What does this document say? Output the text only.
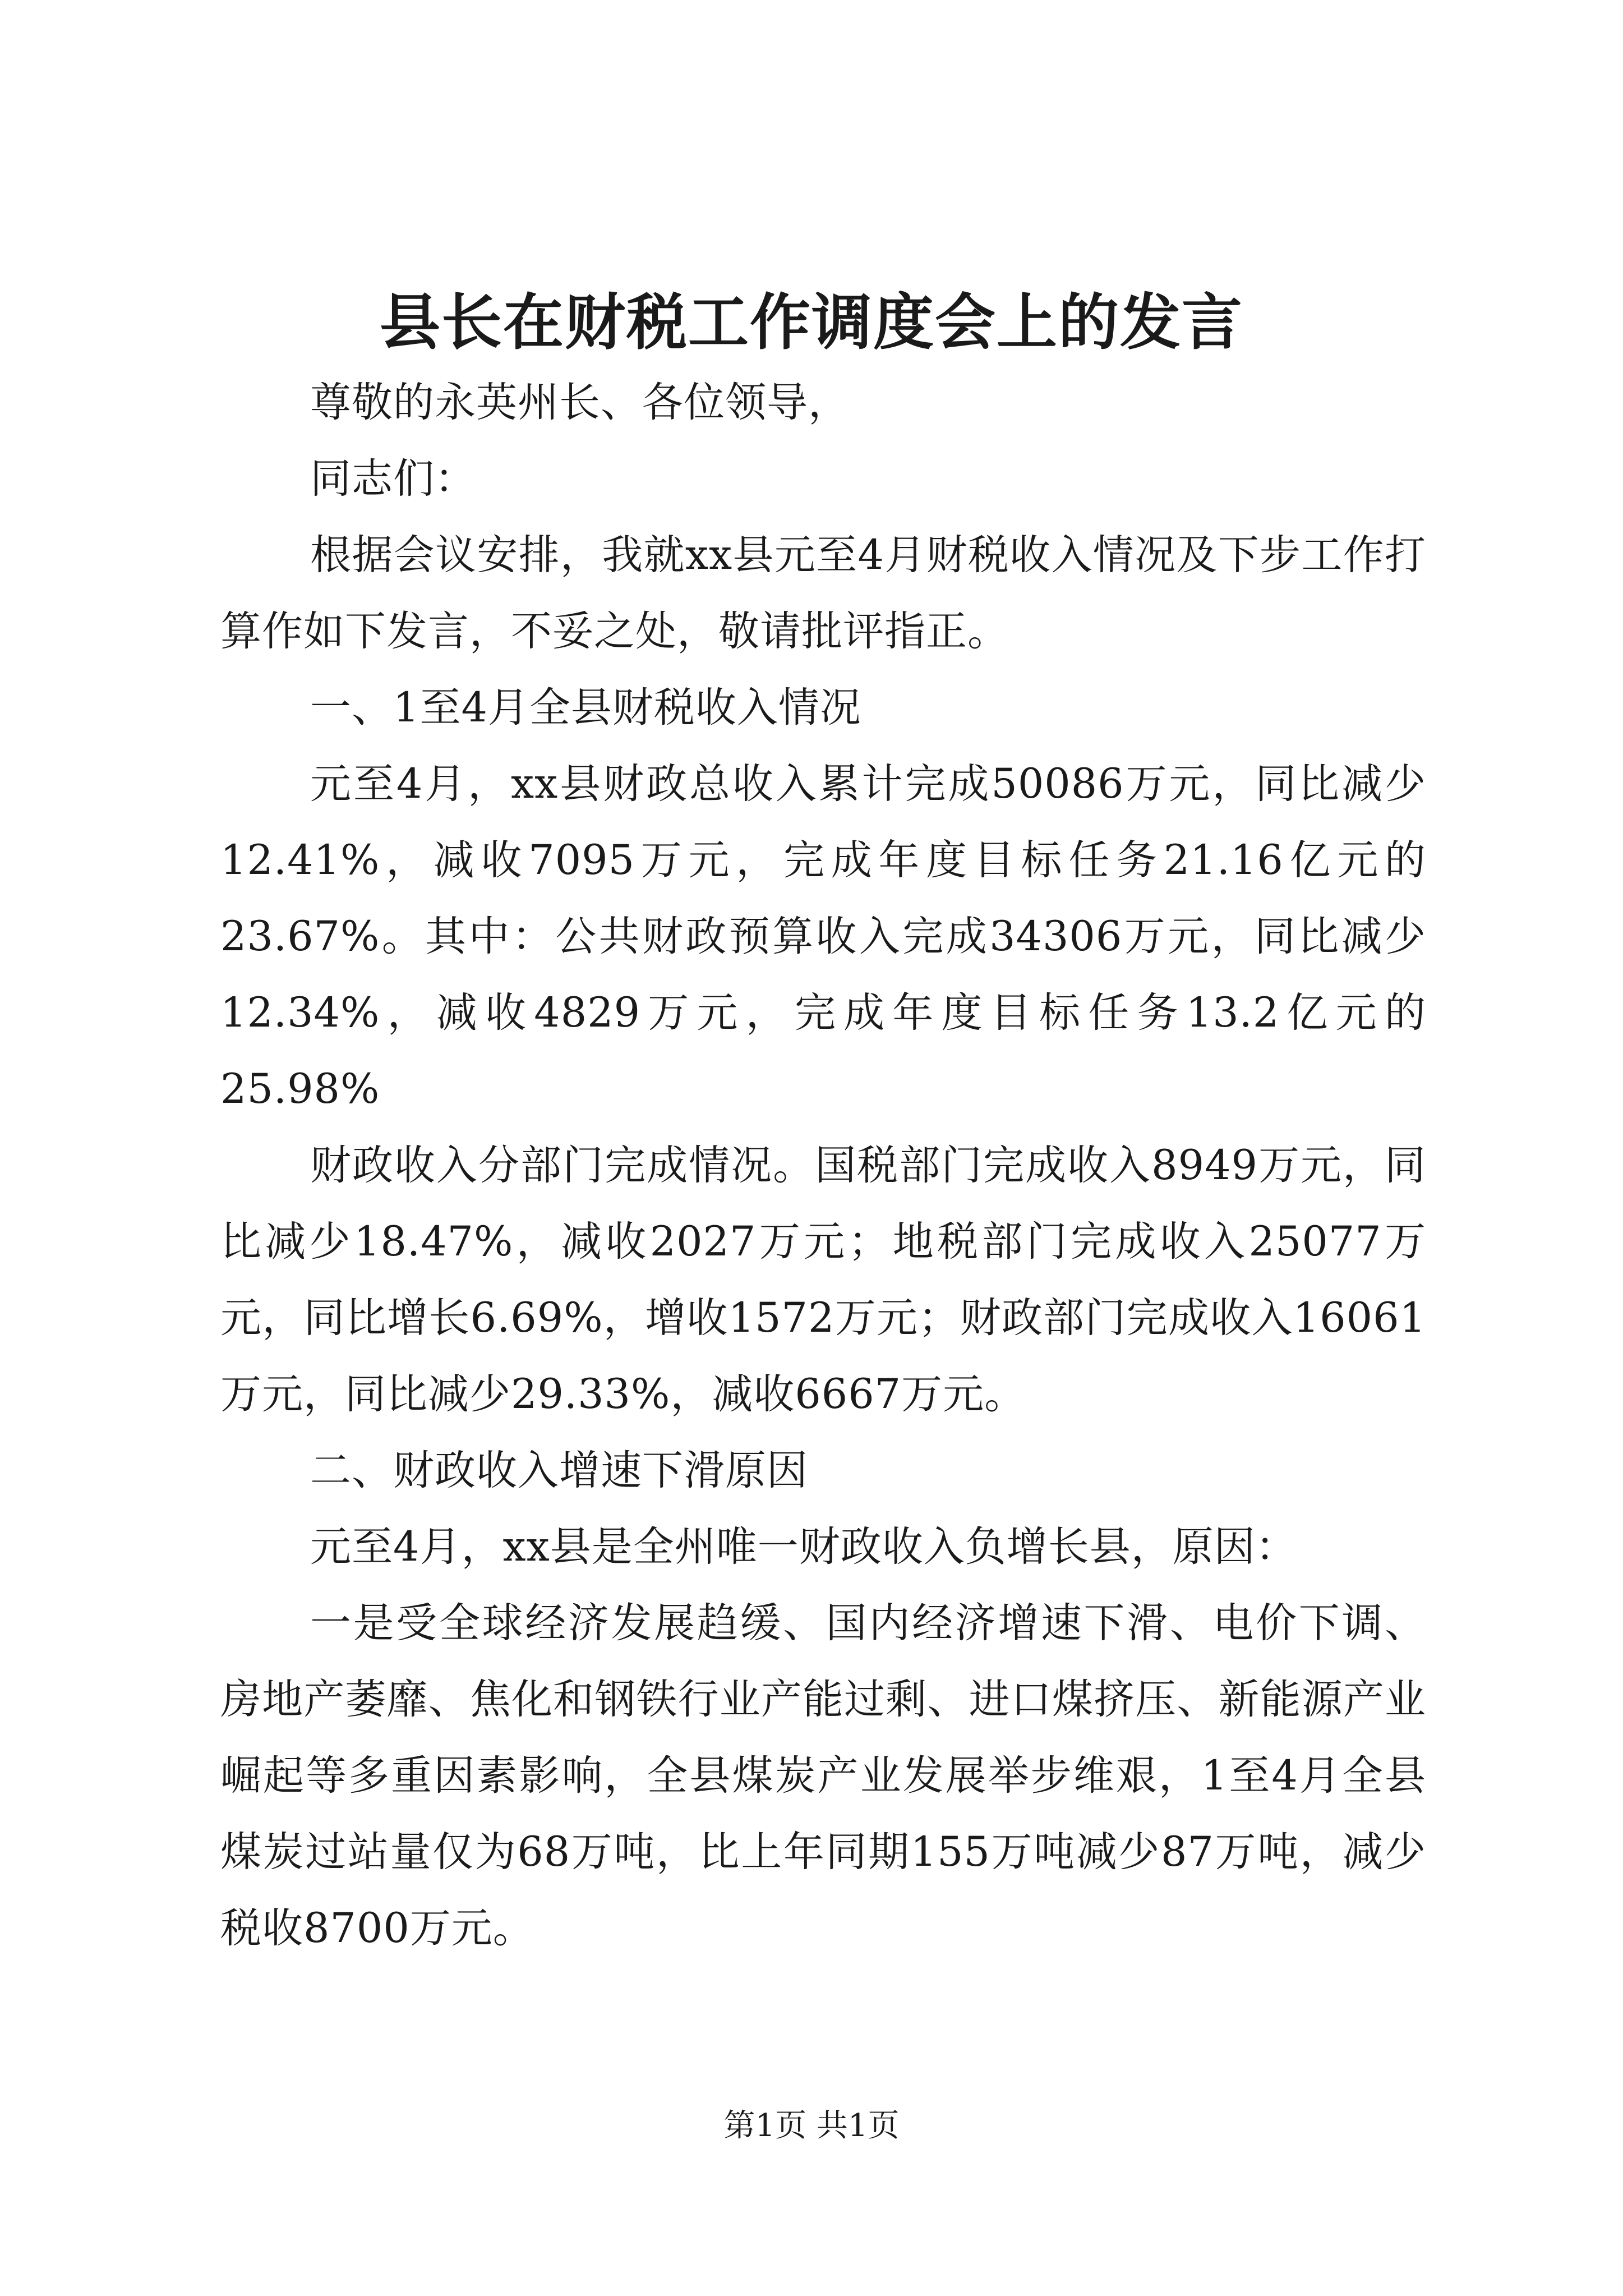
县长在财税工作调度会上的发言

尊敬的永英州长、各位领导，

同志们：

根据会议安排，我就xx县元至4月财税收入情况及下步工作打算作如下发言，不妥之处，敬请批评指正。

一、1至4月全县财税收入情况

元至4月，xx县财政总收入累计完成50086万元，同比减少12.41%，减收7095万元，完成年度目标任务21.16亿元的23.67%。其中：公共财政预算收入完成34306万元，同比减少12.34%，减收4829万元，完成年度目标任务13.2亿元的25.98%

财政收入分部门完成情况。国税部门完成收入8949万元，同比减少18.47%，减收2027万元；地税部门完成收入25077万元，同比增长6.69%，增收1572万元；财政部门完成收入16061万元，同比减少29.33%，减收6667万元。

二、财政收入增速下滑原因

元至4月，xx县是全州唯一财政收入负增长县，原因：

一是受全球经济发展趋缓、国内经济增速下滑、电价下调、房地产萎靡、焦化和钢铁行业产能过剩、进口煤挤压、新能源产业崛起等多重因素影响，全县煤炭产业发展举步维艰，1至4月全县煤炭过站量仅为68万吨，比上年同期155万吨减少87万吨，减少税收8700万元。

第1页 共1页
